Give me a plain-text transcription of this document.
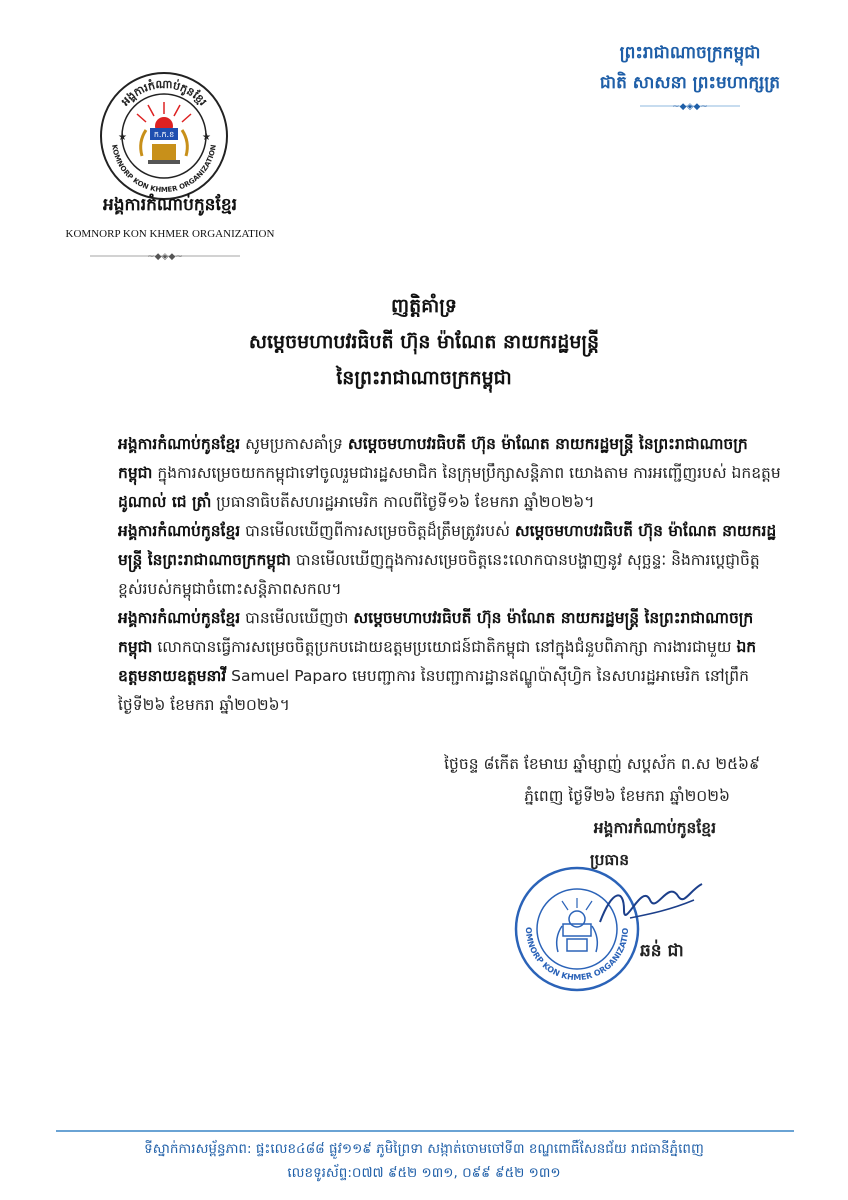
អង្គការកំណាប់កូនខ្មែរ
KOMNORP KON KHMER ORGANIZATION
★	★
ក.ក.ខ
អង្គការកំណាប់កូនខ្មែរ
KOMNORP KON KHMER ORGANIZATION
~◆◈◆~
ព្រះរាជាណាចក្រកម្ពុជា
ជាតិ សាសនា ព្រះមហាក្សត្រ
~◆◈◆~
ញត្តិគាំទ្រ
សម្ដេចមហាបវរធិបតី ហ៊ុន ម៉ាណែត នាយករដ្ឋមន្ត្រី
នៃព្រះរាជាណាចក្រកម្ពុជា

អង្គការកំណាប់កូនខ្មែរ សូមប្រកាសគាំទ្រ សម្ដេចមហាបវរធិបតី ហ៊ុន ម៉ាណែត នាយករដ្ឋមន្ត្រី នៃព្រះរាជាណាចក្រកម្ពុជា ក្នុងការសម្រេចយកកម្ពុជាទៅចូលរួមជារដ្ឋសមាជិក នៃក្រុមប្រឹក្សាសន្តិភាព យោងតាម ការអញ្ជើញរបស់ ឯកឧត្តម ដូណាល់ ជេ ត្រាំ ប្រធានាធិបតីសហរដ្ឋអាមេរិក កាលពីថ្ងៃទី១៦ ខែមករា ឆ្នាំ២០២៦។

អង្គការកំណាប់កូនខ្មែរ បានមើលឃើញពីការសម្រេចចិត្តដ៏ត្រឹមត្រូវរបស់ សម្ដេចមហាបវរធិបតី ហ៊ុន ម៉ាណែត នាយករដ្ឋមន្ត្រី នៃព្រះរាជាណាចក្រកម្ពុជា បានមើលឃើញក្នុងការសម្រេចចិត្តនេះលោកបានបង្ហាញនូវ សុច្ឆន្ទៈ និងការប្តេជ្ញាចិត្តខ្ពស់របស់កម្ពុជាចំពោះសន្តិភាពសកល។

អង្គការកំណាប់កូនខ្មែរ បានមើលឃើញថា សម្ដេចមហាបវរធិបតី ហ៊ុន ម៉ាណែត នាយករដ្ឋមន្ត្រី នៃព្រះរាជាណាចក្រកម្ពុជា លោកបានធ្វើការសម្រេចចិត្តប្រកបដោយឧត្តមប្រយោជន៍ជាតិកម្ពុជា នៅក្នុងជំនួបពិភាក្សា ការងារជាមួយ ឯកឧត្តមនាយឧត្តមនាវី Samuel Paparo មេបញ្ជាការ នៃបញ្ជាការដ្ឋានឥណ្ឌូប៉ាស៊ីហ្វិក នៃសហរដ្ឋអាមេរិក នៅព្រឹកថ្ងៃទី២៦ ខែមករា ឆ្នាំ២០២៦។

ថ្ងៃចន្ទ ៨កើត ខែមាឃ ឆ្នាំម្សាញ់ សប្តស័ក ព.ស ២៥៦៩
ភ្នំពេញ ថ្ងៃទី២៦ ខែមករា ឆ្នាំ២០២៦
អង្គការកំណាប់កូនខ្មែរ
ប្រធាន
OMNORP KON KHMER ORGANIZATIO
ឆន់ ជា
ទីស្នាក់ការសម្ព័ន្ធភាព: ផ្ទះលេខ៤៨៨ ផ្លូវ១១៩ ភូមិព្រៃទា សង្កាត់ចោមចៅទី៣ ខណ្ឌពោធិ៍សែនជ័យ រាជធានីភ្នំពេញ
លេខទូរស័ព្ទ:០៧៧ ៩៥២ ១៣១, ០៩៩ ៩៥២ ១៣១
